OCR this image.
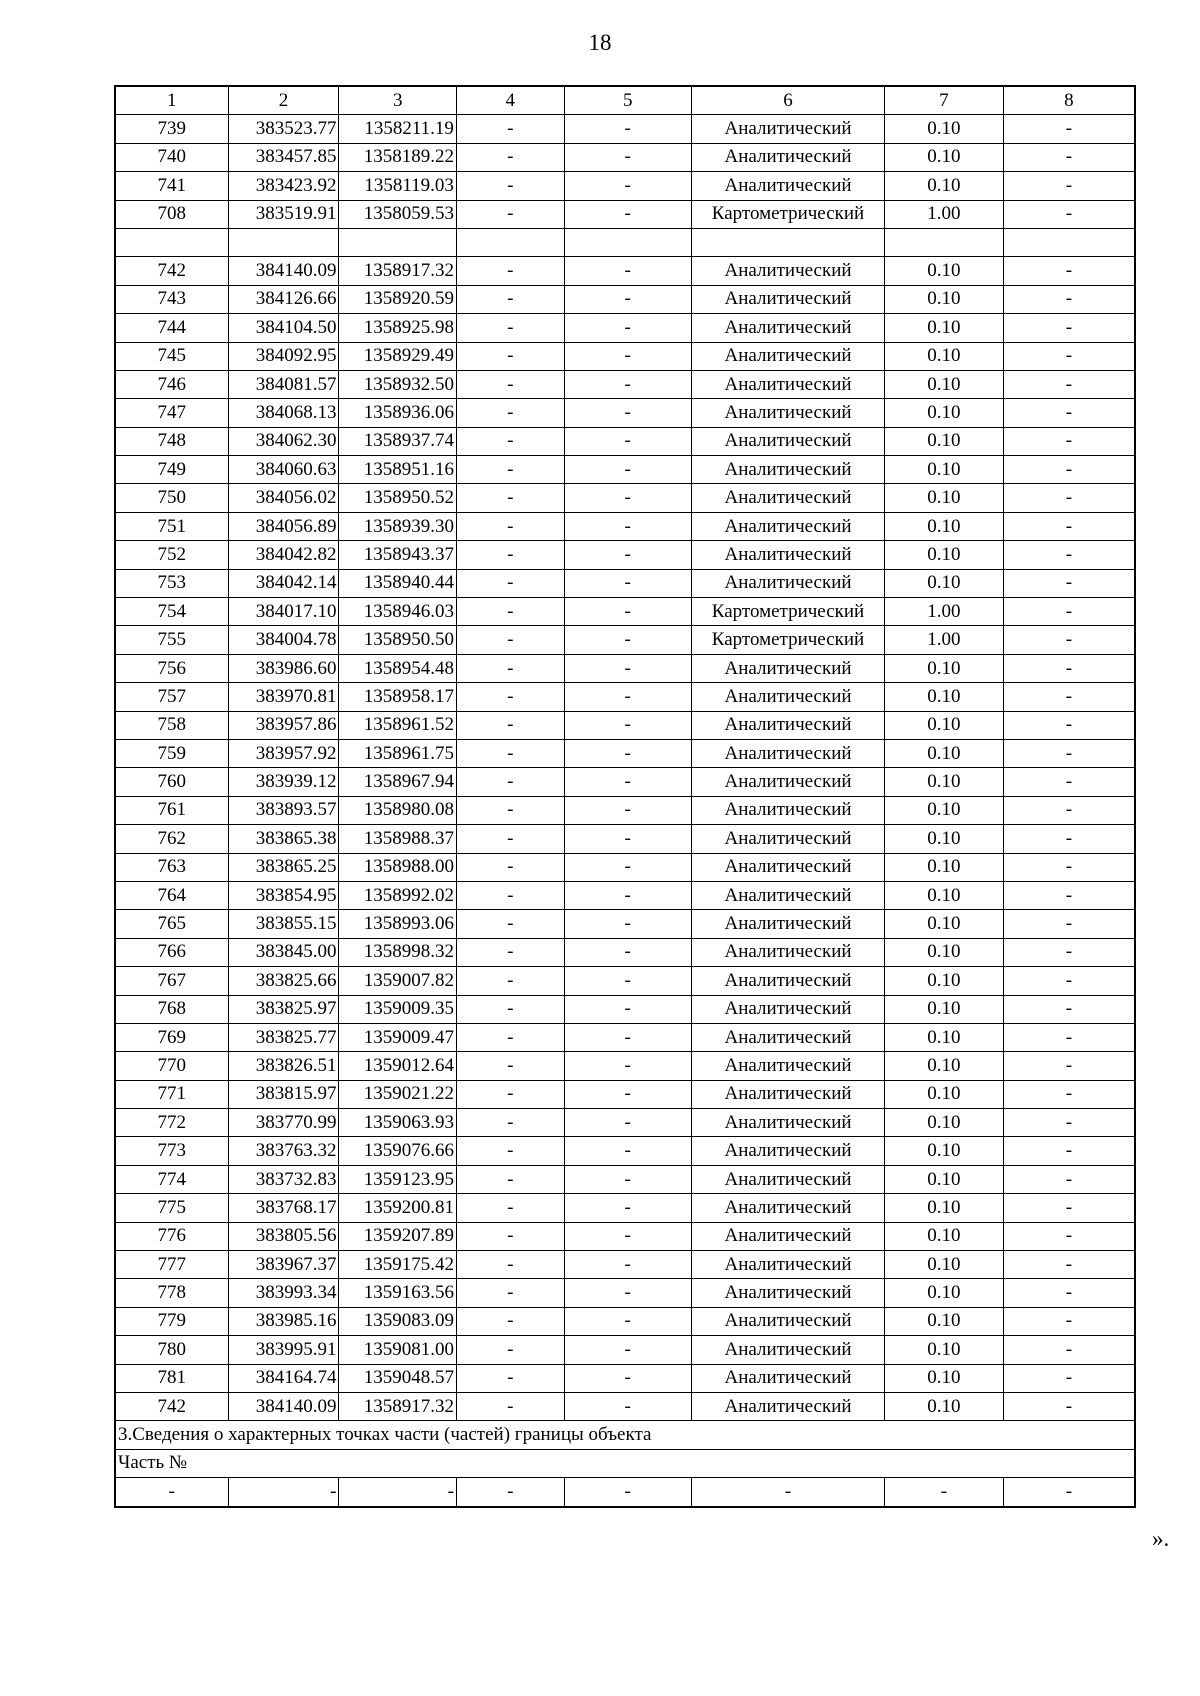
18
1	2	3	4	5	6	7	8
739	383523.77	1358211.19	-	-	Аналитический	0.10	-
740	383457.85	1358189.22	-	-	Аналитический	0.10	-
741	383423.92	1358119.03	-	-	Аналитический	0.10	-
708	383519.91	1358059.53	-	-	Картометрический	1.00	-

742	384140.09	1358917.32	-	-	Аналитический	0.10	-
743	384126.66	1358920.59	-	-	Аналитический	0.10	-
744	384104.50	1358925.98	-	-	Аналитический	0.10	-
745	384092.95	1358929.49	-	-	Аналитический	0.10	-
746	384081.57	1358932.50	-	-	Аналитический	0.10	-
747	384068.13	1358936.06	-	-	Аналитический	0.10	-
748	384062.30	1358937.74	-	-	Аналитический	0.10	-
749	384060.63	1358951.16	-	-	Аналитический	0.10	-
750	384056.02	1358950.52	-	-	Аналитический	0.10	-
751	384056.89	1358939.30	-	-	Аналитический	0.10	-
752	384042.82	1358943.37	-	-	Аналитический	0.10	-
753	384042.14	1358940.44	-	-	Аналитический	0.10	-
754	384017.10	1358946.03	-	-	Картометрический	1.00	-
755	384004.78	1358950.50	-	-	Картометрический	1.00	-
756	383986.60	1358954.48	-	-	Аналитический	0.10	-
757	383970.81	1358958.17	-	-	Аналитический	0.10	-
758	383957.86	1358961.52	-	-	Аналитический	0.10	-
759	383957.92	1358961.75	-	-	Аналитический	0.10	-
760	383939.12	1358967.94	-	-	Аналитический	0.10	-
761	383893.57	1358980.08	-	-	Аналитический	0.10	-
762	383865.38	1358988.37	-	-	Аналитический	0.10	-
763	383865.25	1358988.00	-	-	Аналитический	0.10	-
764	383854.95	1358992.02	-	-	Аналитический	0.10	-
765	383855.15	1358993.06	-	-	Аналитический	0.10	-
766	383845.00	1358998.32	-	-	Аналитический	0.10	-
767	383825.66	1359007.82	-	-	Аналитический	0.10	-
768	383825.97	1359009.35	-	-	Аналитический	0.10	-
769	383825.77	1359009.47	-	-	Аналитический	0.10	-
770	383826.51	1359012.64	-	-	Аналитический	0.10	-
771	383815.97	1359021.22	-	-	Аналитический	0.10	-
772	383770.99	1359063.93	-	-	Аналитический	0.10	-
773	383763.32	1359076.66	-	-	Аналитический	0.10	-
774	383732.83	1359123.95	-	-	Аналитический	0.10	-
775	383768.17	1359200.81	-	-	Аналитический	0.10	-
776	383805.56	1359207.89	-	-	Аналитический	0.10	-
777	383967.37	1359175.42	-	-	Аналитический	0.10	-
778	383993.34	1359163.56	-	-	Аналитический	0.10	-
779	383985.16	1359083.09	-	-	Аналитический	0.10	-
780	383995.91	1359081.00	-	-	Аналитический	0.10	-
781	384164.74	1359048.57	-	-	Аналитический	0.10	-
742	384140.09	1358917.32	-	-	Аналитический	0.10	-
3.Сведения о характерных точках части (частей) границы объекта							
Часть №							
-	-	-	-	-	-	-	-
».
